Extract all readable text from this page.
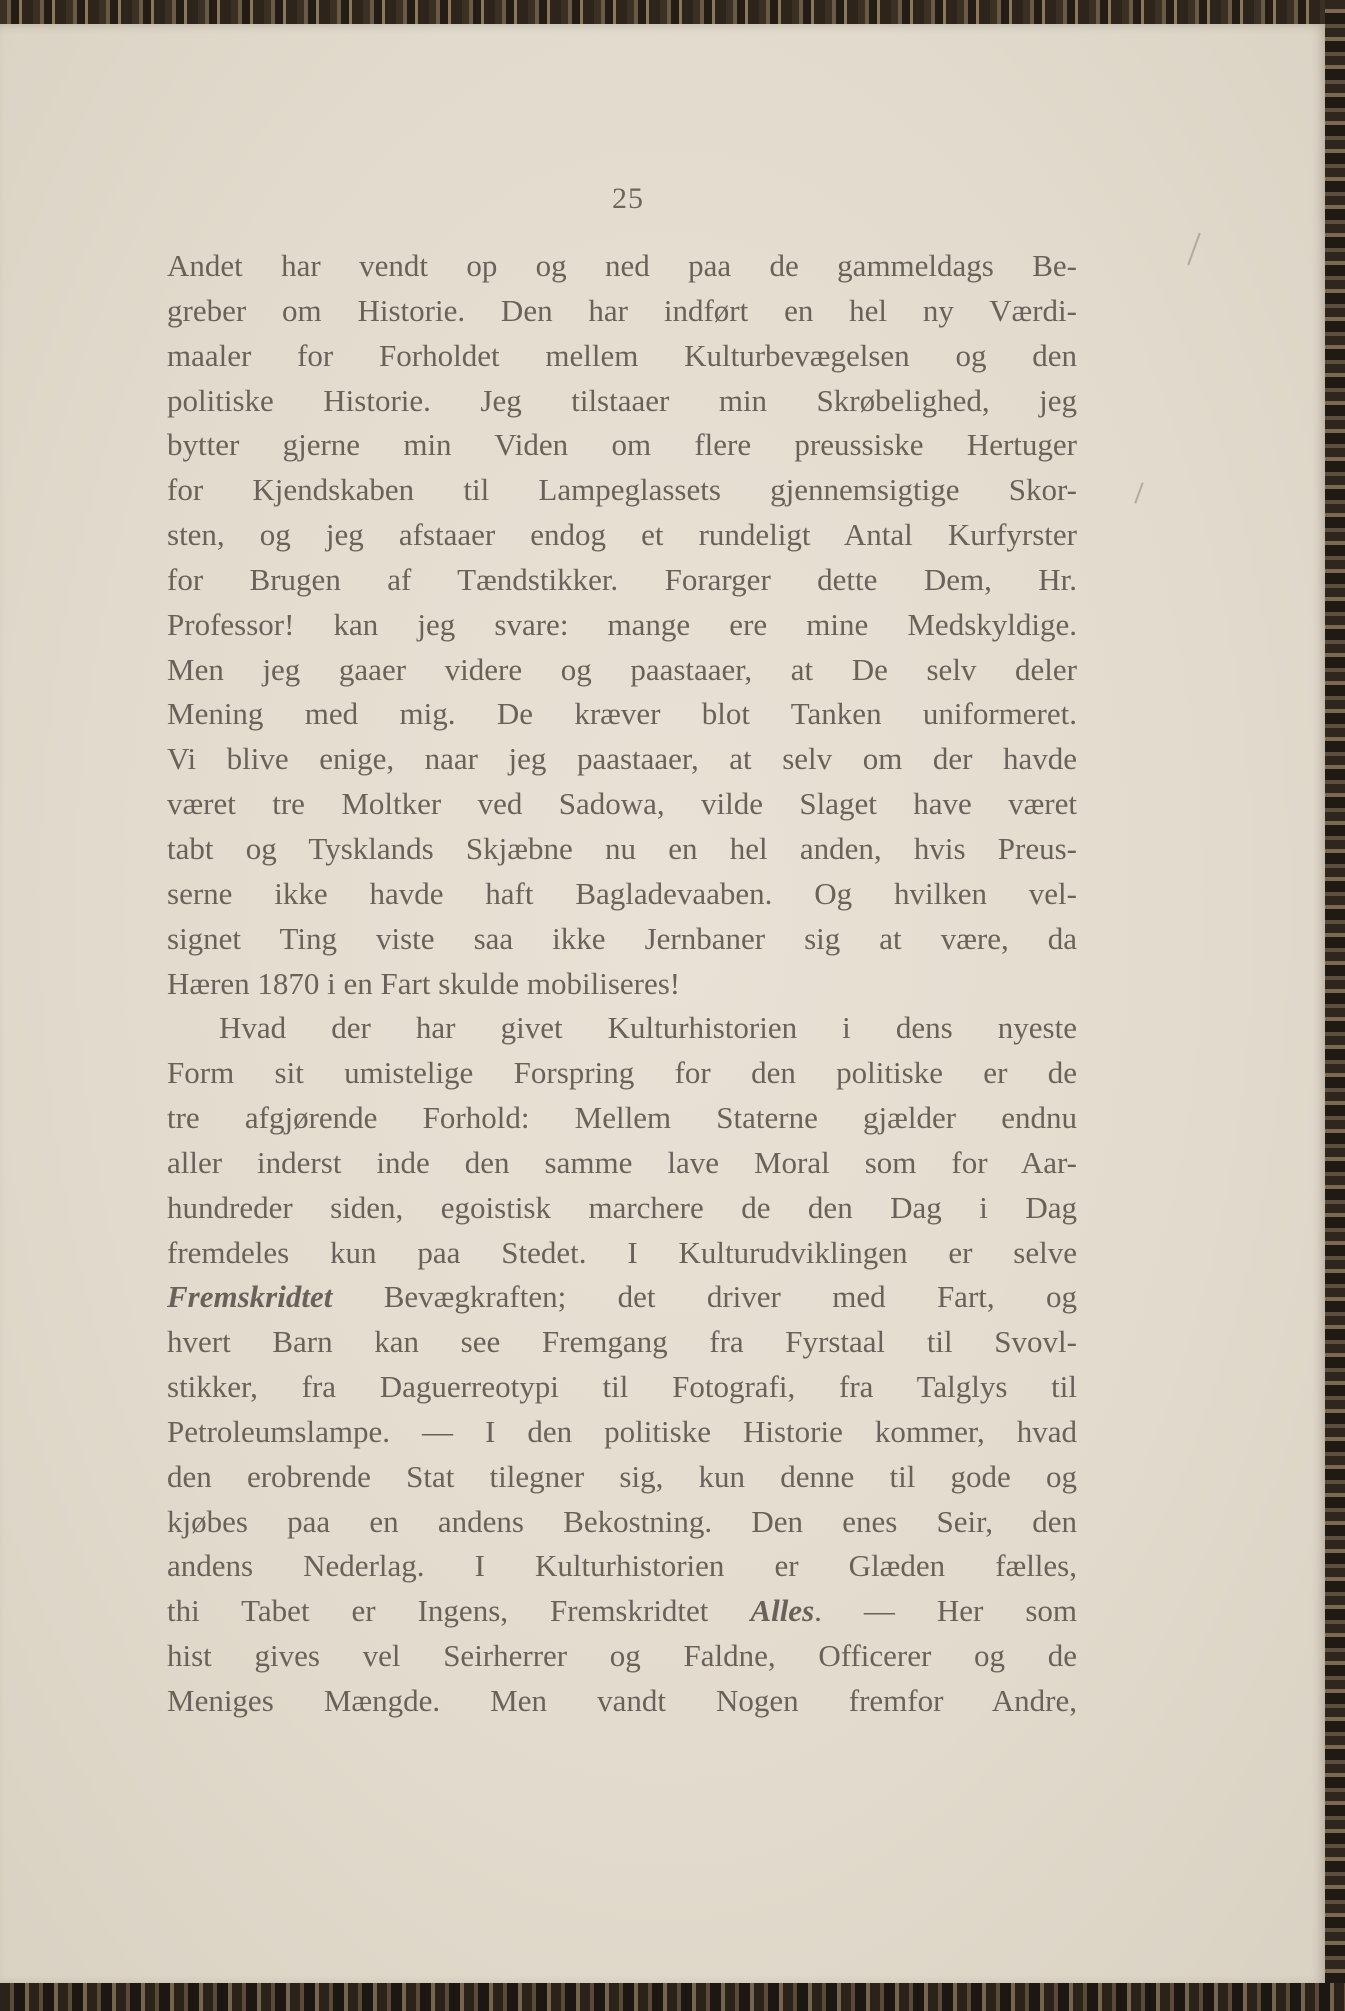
25
Andet har vendt op og ned paa de gammeldags Be-
greber om Historie. Den har indført en hel ny Værdi-
maaler for Forholdet mellem Kulturbevægelsen og den
politiske Historie. Jeg tilstaaer min Skrøbelighed, jeg
bytter gjerne min Viden om flere preussiske Hertuger
for Kjendskaben til Lampeglassets gjennemsigtige Skor-
sten, og jeg afstaaer endog et rundeligt Antal Kurfyrster
for Brugen af Tændstikker. Forarger dette Dem, Hr.
Professor! kan jeg svare: mange ere mine Medskyldige.
Men jeg gaaer videre og paastaaer, at De selv deler
Mening med mig. De kræver blot Tanken uniformeret.
Vi blive enige, naar jeg paastaaer, at selv om der havde
været tre Moltker ved Sadowa, vilde Slaget have været
tabt og Tysklands Skjæbne nu en hel anden, hvis Preus-
serne ikke havde haft Bagladevaaben. Og hvilken vel-
signet Ting viste saa ikke Jernbaner sig at være, da
Hæren 1870 i en Fart skulde mobiliseres!
Hvad der har givet Kulturhistorien i dens nyeste
Form sit umistelige Forspring for den politiske er de
tre afgjørende Forhold: Mellem Staterne gjælder endnu
aller inderst inde den samme lave Moral som for Aar-
hundreder siden, egoistisk marchere de den Dag i Dag
fremdeles kun paa Stedet. I Kulturudviklingen er selve
Fremskridtet Bevægkraften; det driver med Fart, og
hvert Barn kan see Fremgang fra Fyrstaal til Svovl-
stikker, fra Daguerreotypi til Fotografi, fra Talglys til
Petroleumslampe. — I den politiske Historie kommer, hvad
den erobrende Stat tilegner sig, kun denne til gode og
kjøbes paa en andens Bekostning. Den enes Seir, den
andens Nederlag. I Kulturhistorien er Glæden fælles,
thi Tabet er Ingens, Fremskridtet Alles. — Her som
hist gives vel Seirherrer og Faldne, Officerer og de
Meniges Mængde. Men vandt Nogen fremfor Andre,
